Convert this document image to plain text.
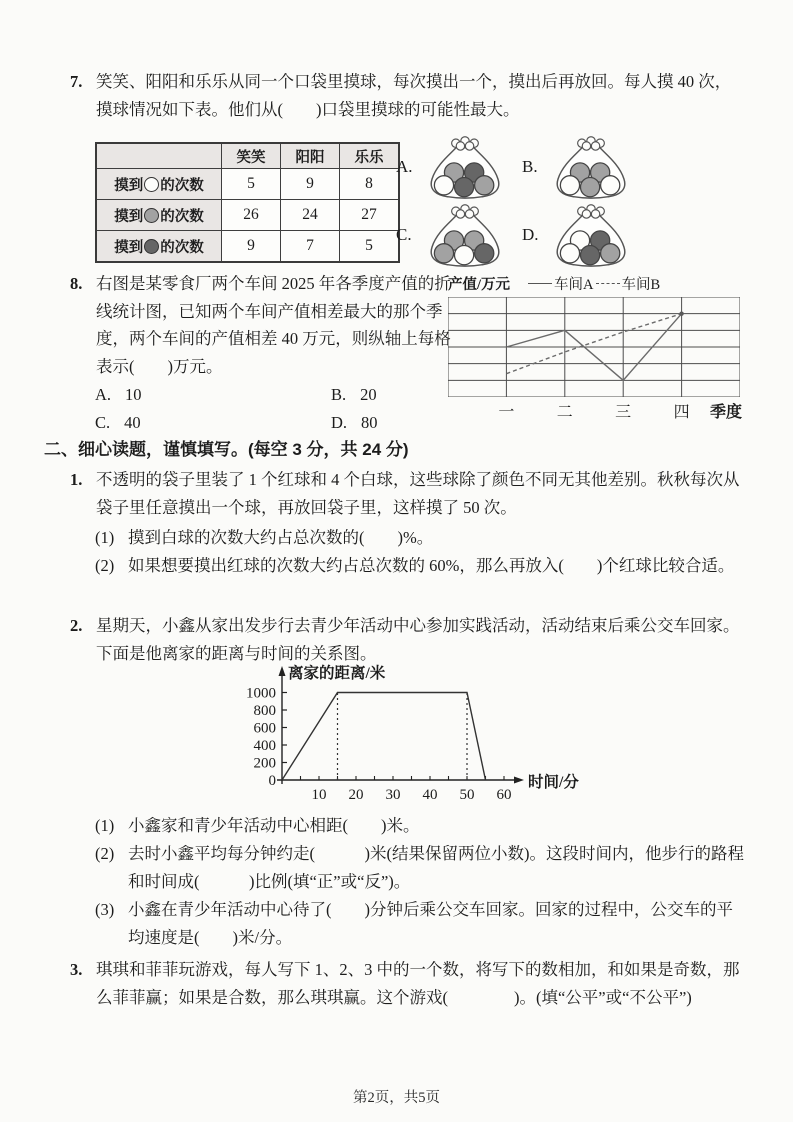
7. 笑笑、阳阳和乐乐从同一个口袋里摸球，每次摸出一个，摸出后再放回。每人摸 40 次，摸球情况如下表。他们从(　　)口袋里摸球的可能性最大。
	笑笑	阳阳	乐乐
摸到 的次数	5	9	8
摸到 的次数	26	24	27
摸到 的次数	9	7	5
A.	B.
C.	D.
8. 右图是某零食厂两个车间 2025 年各季度产值的折线统计图，已知两个车间产值相差最大的那个季度，两个车间的产值相差 40 万元，则纵轴上每格表示(　　)万元。
A. 10	B. 20
C. 40	D. 80
产值/万元	车间A 车间B
一	二	三	四 季度
二、细心读题，谨慎填写。(每空 3 分，共 24 分)
1. 不透明的袋子里装了 1 个红球和 4 个白球，这些球除了颜色不同无其他差别。秋秋每次从袋子里任意摸出一个球，再放回袋子里，这样摸了 50 次。
(1) 摸到白球的次数大约占总次数的(　　)%。
(2) 如果想要摸出红球的次数大约占总次数的 60%，那么再放入(　　)个红球比较合适。
2. 星期天，小鑫从家出发步行去青少年活动中心参加实践活动，活动结束后乘公交车回家。下面是他离家的距离与时间的关系图。
0
200
400
600
800
1000
10 20 30 40 50 60
离家的距离/米
时间/分
(1) 小鑫家和青少年活动中心相距(　　)米。
(2) 去时小鑫平均每分钟约走(　　　)米(结果保留两位小数)。这段时间内，他步行的路程和时间成(　　　)比例(填“正”或“反”)。
(3) 小鑫在青少年活动中心待了(　　)分钟后乘公交车回家。回家的过程中，公交车的平均速度是(　　)米/分。
3. 琪琪和菲菲玩游戏，每人写下 1、2、3 中的一个数，将写下的数相加，和如果是奇数，那么菲菲赢；如果是合数，那么琪琪赢。这个游戏(　　　　)。(填“公平”或“不公平”)
第2页，共5页
